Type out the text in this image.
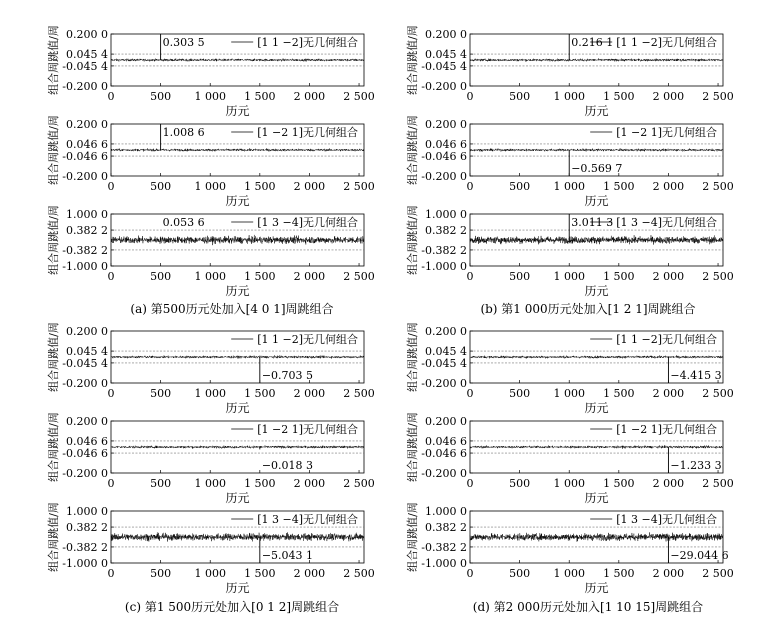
0.200 0
0.045 4
-0.045 4
-0.200 0
0	500 1 000 1 500 2 000 2 500
历元
组合周跳值/周	0.303 5	[1 1 −2]无几何组合
0.200 0
0.046 6
-0.046 6
-0.200 0
0	500 1 000 1 500 2 000 2 500
历元
组合周跳值/周	1.008 6	[1 −2 1]无几何组合
1.000 0
0.382 2
-0.382 2
-1.000 0
0	500 1 000 1 500 2 000 2 500
历元
组合周跳值/周	0.053 6	[1 3 −4]无几何组合
0.200 0
0.045 4
-0.045 4
-0.200 0
0	500 1 000 1 500 2 000 2 500
历元
组合周跳值/周	0.216 1 [1 1 −2]无几何组合
0.200 0
0.046 6
-0.046 6
-0.200 0
0	500 1 000 1 500 2 000 2 500
历元
组合周跳值/周	−0.569 7
[1 −2 1]无几何组合
1.000 0
0.382 2
-0.382 2
-1.000 0
0	500 1 000 1 500 2 000 2 500
历元
组合周跳值/周	3.011 3 [1 3 −4]无几何组合
0.200 0
0.045 4
-0.045 4
-0.200 0
0	500 1 000 1 500 2 000 2 500
历元
组合周跳值/周	−0.703 5
[1 1 −2]无几何组合
0.200 0
0.046 6
-0.046 6
-0.200 0
0	500 1 000 1 500 2 000 2 500
历元
组合周跳值/周	−0.018 3
[1 −2 1]无几何组合
1.000 0
0.382 2
-0.382 2
-1.000 0
0	500 1 000 1 500 2 000 2 500
历元
组合周跳值/周	−5.043 1
[1 3 −4]无几何组合
0.200 0
0.045 4
-0.045 4
-0.200 0
0	500 1 000 1 500 2 000 2 500
历元
组合周跳值/周	−4.415 3
[1 1 −2]无几何组合
0.200 0
0.046 6
-0.046 6
-0.200 0
0	500 1 000 1 500 2 000 2 500
历元
组合周跳值/周	−1.233 3
[1 −2 1]无几何组合
1.000 0
0.382 2
-0.382 2
-1.000 0
0	500 1 000 1 500 2 000 2 500
历元
组合周跳值/周	−29.044 6
[1 3 −4]无几何组合
(a) 第500历元处加入[4 0 1]周跳组合	(b) 第1 000历元处加入[1 2 1]周跳组合
(c) 第1 500历元处加入[0 1 2]周跳组合	(d) 第2 000历元处加入[1 10 15]周跳组合
